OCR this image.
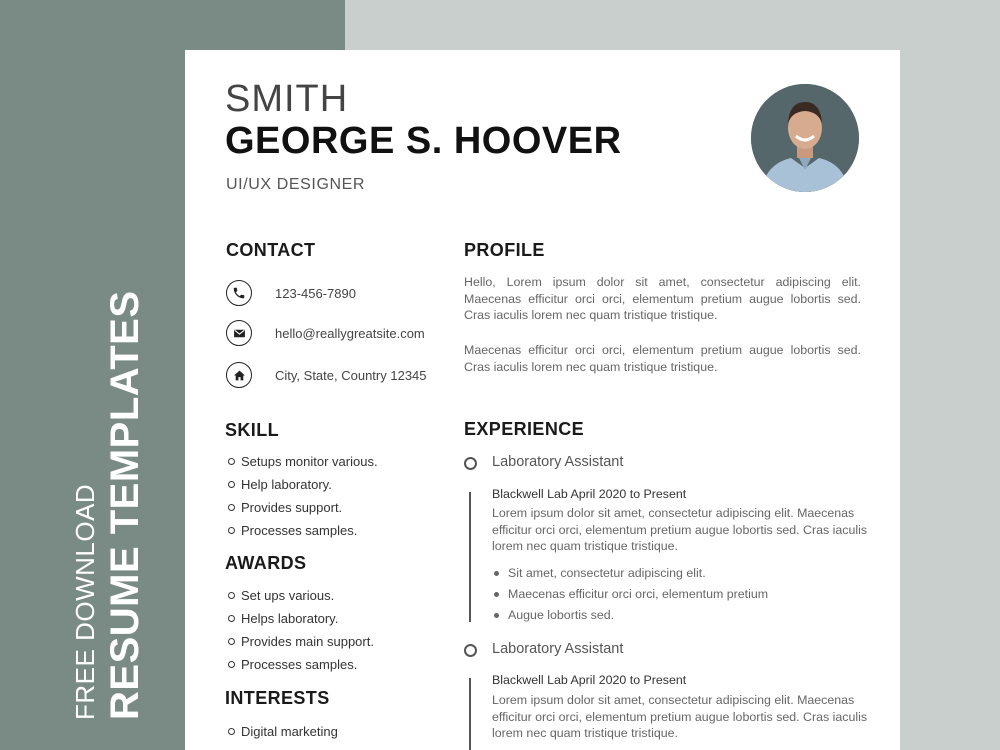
FREE DOWNLOAD RESUME TEMPLATES
SMITH
GEORGE S. HOOVER
UI/UX DESIGNER
CONTACT
123-456-7890
hello@reallygreatsite.com
City, State, Country 12345
PROFILE
Hello, Lorem ipsum dolor sit amet, consectetur adipiscing elit. Maecenas efficitur orci orci, elementum pretium augue lobortis sed. Cras iaculis lorem nec quam tristique tristique.
Maecenas efficitur orci orci, elementum pretium augue lobortis sed. Cras iaculis lorem nec quam tristique tristique.
SKILL
Setups monitor various.
Help laboratory.
Provides support.
Processes samples.
AWARDS
Set ups various.
Helps laboratory.
Provides main support.
Processes samples.
INTERESTS
Digital marketing
EXPERIENCE
Laboratory Assistant
Blackwell Lab April 2020 to Present
Lorem ipsum dolor sit amet, consectetur adipiscing elit. Maecenas efficitur orci orci, elementum pretium augue lobortis sed. Cras iaculis lorem nec quam tristique tristique.
Sit amet, consectetur adipiscing elit.
Maecenas efficitur orci orci, elementum pretium
Augue lobortis sed.
Laboratory Assistant
Blackwell Lab April 2020 to Present
Lorem ipsum dolor sit amet, consectetur adipiscing elit. Maecenas efficitur orci orci, elementum pretium augue lobortis sed. Cras iaculis lorem nec quam tristique tristique.
